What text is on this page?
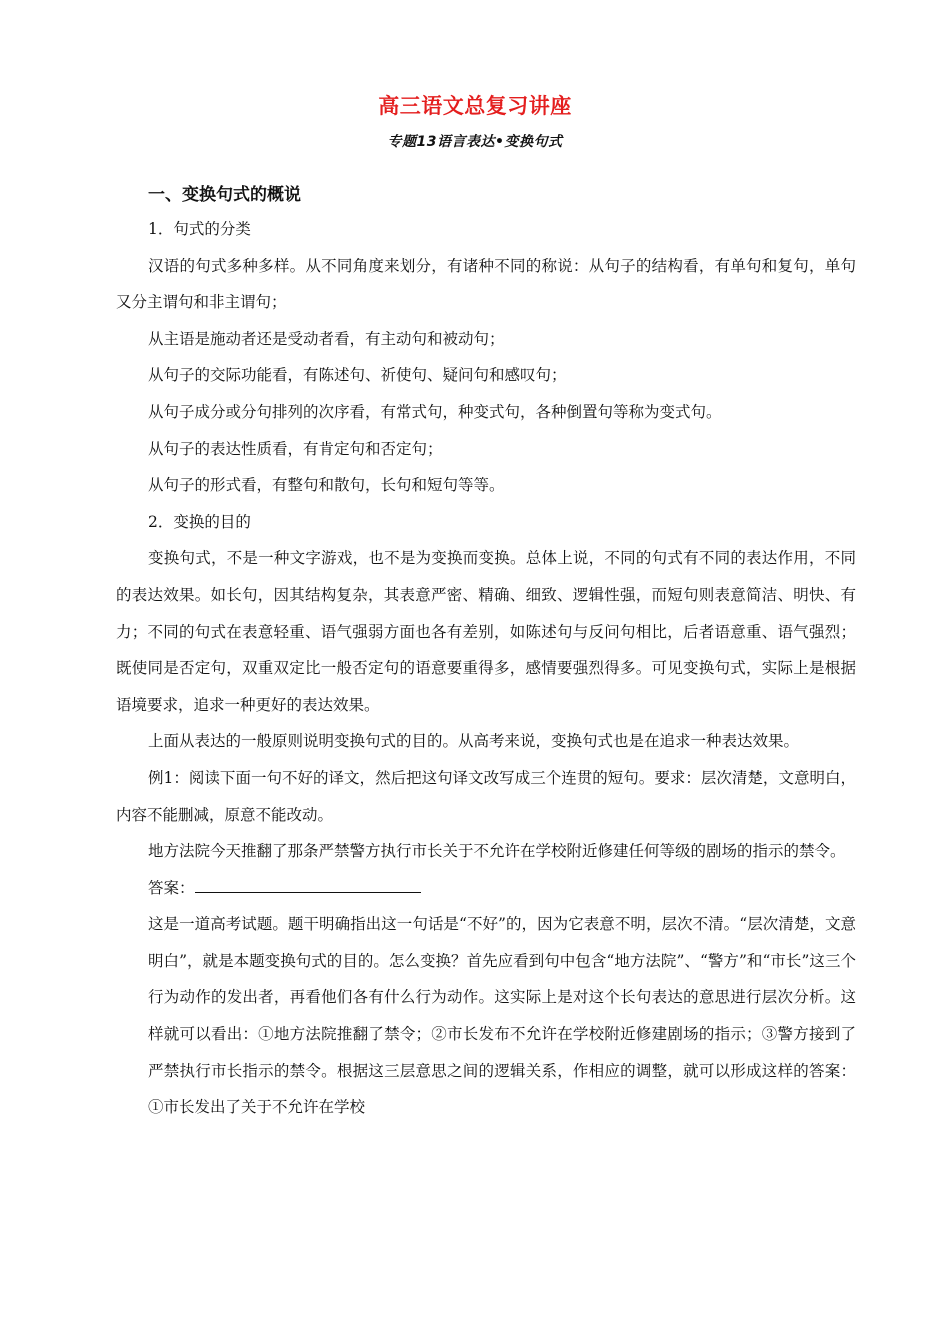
高三语文总复习讲座
专题13语言表达•变换句式
一、变换句式的概说

1．句式的分类

汉语的句式多种多样。从不同角度来划分，有诸种不同的称说：从句子的结构看，有单句和复句，单句又分主谓句和非主谓句；

从主语是施动者还是受动者看，有主动句和被动句；

从句子的交际功能看，有陈述句、祈使句、疑问句和感叹句；

从句子成分或分句排列的次序看，有常式句，种变式句，各种倒置句等称为变式句。

从句子的表达性质看，有肯定句和否定句；

从句子的形式看，有整句和散句，长句和短句等等。

2．变换的目的

变换句式，不是一种文字游戏，也不是为变换而变换。总体上说，不同的句式有不同的表达作用，不同的表达效果。如长句，因其结构复杂，其表意严密、精确、细致、逻辑性强，而短句则表意简洁、明快、有力；不同的句式在表意轻重、语气强弱方面也各有差别，如陈述句与反问句相比，后者语意重、语气强烈；既使同是否定句，双重双定比一般否定句的语意要重得多，感情要强烈得多。可见变换句式，实际上是根据语境要求，追求一种更好的表达效果。

上面从表达的一般原则说明变换句式的目的。从高考来说，变换句式也是在追求一种表达效果。

例1：阅读下面一句不好的译文，然后把这句译文改写成三个连贯的短句。要求：层次清楚，文意明白，内容不能删减，原意不能改动。

地方法院今天推翻了那条严禁警方执行市长关于不允许在学校附近修建任何等级的剧场的指示的禁令。

答案：

这是一道高考试题。题干明确指出这一句话是“不好”的，因为它表意不明，层次不清。“层次清楚，文意明白”，就是本题变换句式的目的。怎么变换？首先应看到句中包含“地方法院”、“警方”和“市长”这三个行为动作的发出者，再看他们各有什么行为动作。这实际上是对这个长句表达的意思进行层次分析。这样就可以看出：①地方法院推翻了禁令；②市长发布不允许在学校附近修建剧场的指示；③警方接到了严禁执行市长指示的禁令。根据这三层意思之间的逻辑关系，作相应的调整，就可以形成这样的答案：①市长发出了关于不允许在学校
